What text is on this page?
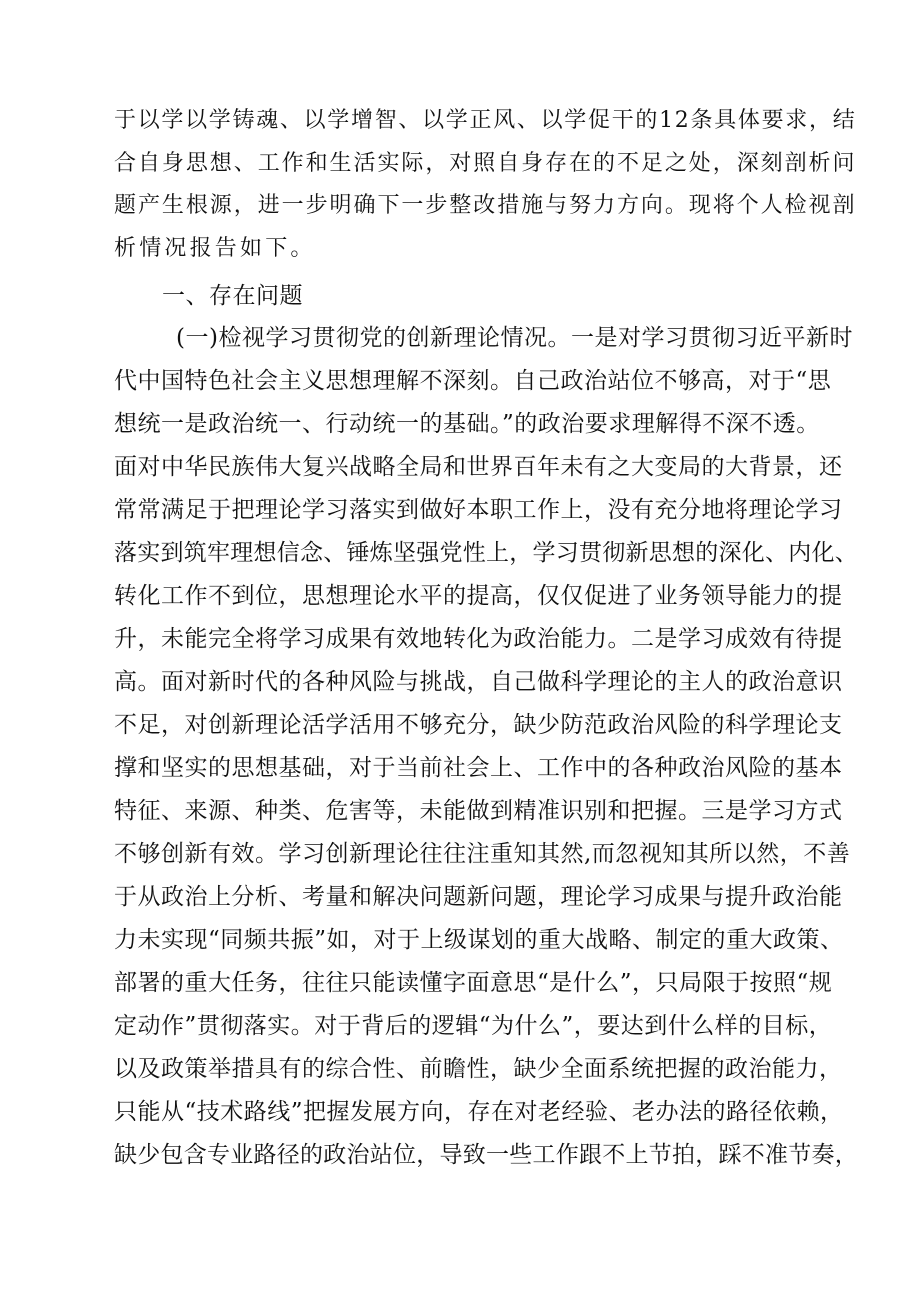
于以学以学铸魂、以学增智、以学正风、以学促干的12条具体要求，结
合自身思想、工作和生活实际，对照自身存在的不足之处，深刻剖析问
题产生根源，进一步明确下一步整改措施与努力方向。现将个人检视剖
析情况报告如下。
一、存在问题
(一)检视学习贯彻党的创新理论情况。一是对学习贯彻习近平新时
代中国特色社会主义思想理解不深刻。自己政治站位不够高，对于“思
想统一是政治统一、行动统一的基础。”的政治要求理解得不深不透。
面对中华民族伟大复兴战略全局和世界百年未有之大变局的大背景，还
常常满足于把理论学习落实到做好本职工作上，没有充分地将理论学习
落实到筑牢理想信念、锤炼坚强党性上，学习贯彻新思想的深化、内化、
转化工作不到位，思想理论水平的提高，仅仅促进了业务领导能力的提
升，未能完全将学习成果有效地转化为政治能力。二是学习成效有待提
高。面对新时代的各种风险与挑战，自己做科学理论的主人的政治意识
不足，对创新理论活学活用不够充分，缺少防范政治风险的科学理论支
撑和坚实的思想基础，对于当前社会上、工作中的各种政治风险的基本
特征、来源、种类、危害等，未能做到精准识别和把握。三是学习方式
不够创新有效。学习创新理论往往注重知其然,而忽视知其所以然，不善
于从政治上分析、考量和解决问题新问题，理论学习成果与提升政治能
力未实现“同频共振”如，对于上级谋划的重大战略、制定的重大政策、
部署的重大任务，往往只能读懂字面意思“是什么”，只局限于按照“规
定动作”贯彻落实。对于背后的逻辑“为什么”，要达到什么样的目标，
以及政策举措具有的综合性、前瞻性，缺少全面系统把握的政治能力，
只能从“技术路线”把握发展方向，存在对老经验、老办法的路径依赖，
缺少包含专业路径的政治站位，导致一些工作跟不上节拍，踩不准节奏，
